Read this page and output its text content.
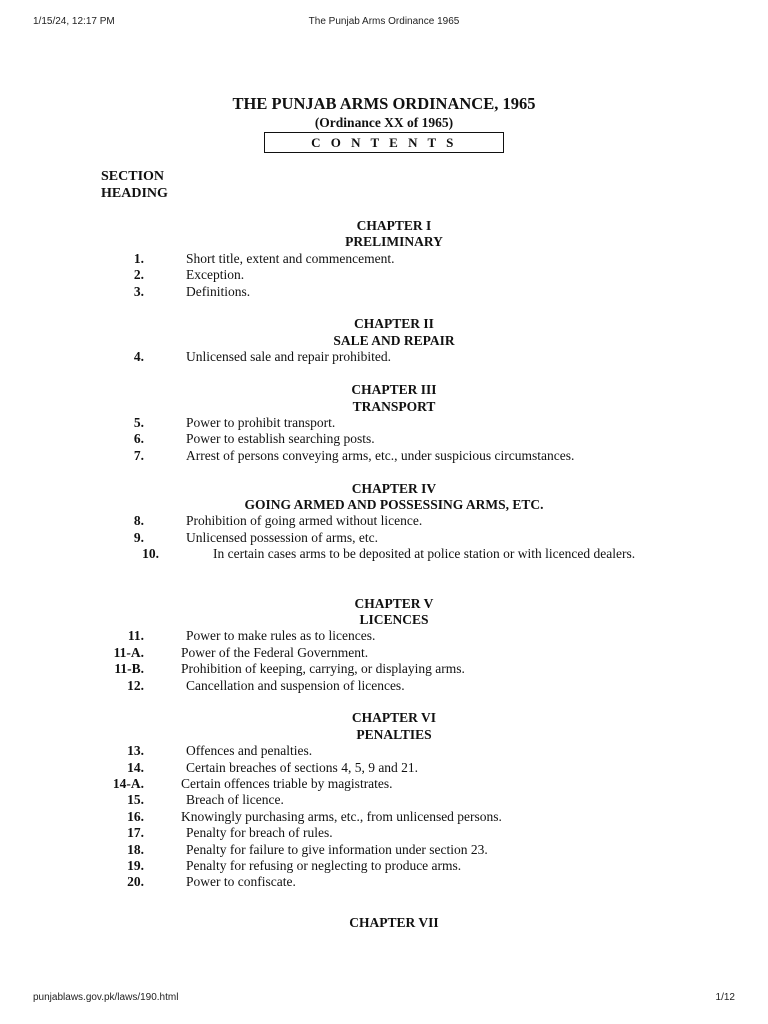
1/15/24, 12:17 PM	The Punjab Arms Ordinance 1965
THE PUNJAB ARMS ORDINANCE, 1965
(Ordinance XX of 1965)
C O N T E N T S
SECTION
HEADING
CHAPTER I
PRELIMINARY
1.	Short title, extent and commencement.
2.	Exception.
3.	Definitions.
CHAPTER II
SALE AND REPAIR
4.	Unlicensed sale and repair prohibited.
CHAPTER III
TRANSPORT
5.	Power to prohibit transport.
6.	Power to establish searching posts.
7.	Arrest of persons conveying arms, etc., under suspicious circumstances.
CHAPTER IV
GOING ARMED AND POSSESSING ARMS, ETC.
8.	Prohibition of going armed without licence.
9.	Unlicensed possession of arms, etc.
10.	In certain cases arms to be deposited at police station or with licenced dealers.
CHAPTER V
LICENCES
11.	Power to make rules as to licences.
11-A.	Power of the Federal Government.
11-B.	Prohibition of keeping, carrying, or displaying arms.
12.	Cancellation and suspension of licences.
CHAPTER VI
PENALTIES
13.	Offences and penalties.
14.	Certain breaches of sections 4, 5, 9 and 21.
14-A.	Certain offences triable by magistrates.
15.	Breach of licence.
16.	Knowingly purchasing arms, etc., from unlicensed persons.
17.	Penalty for breach of rules.
18.	Penalty for failure to give information under section 23.
19.	Penalty for refusing or neglecting to produce arms.
20.	Power to confiscate.
CHAPTER VII
punjablaws.gov.pk/laws/190.html	1/12
